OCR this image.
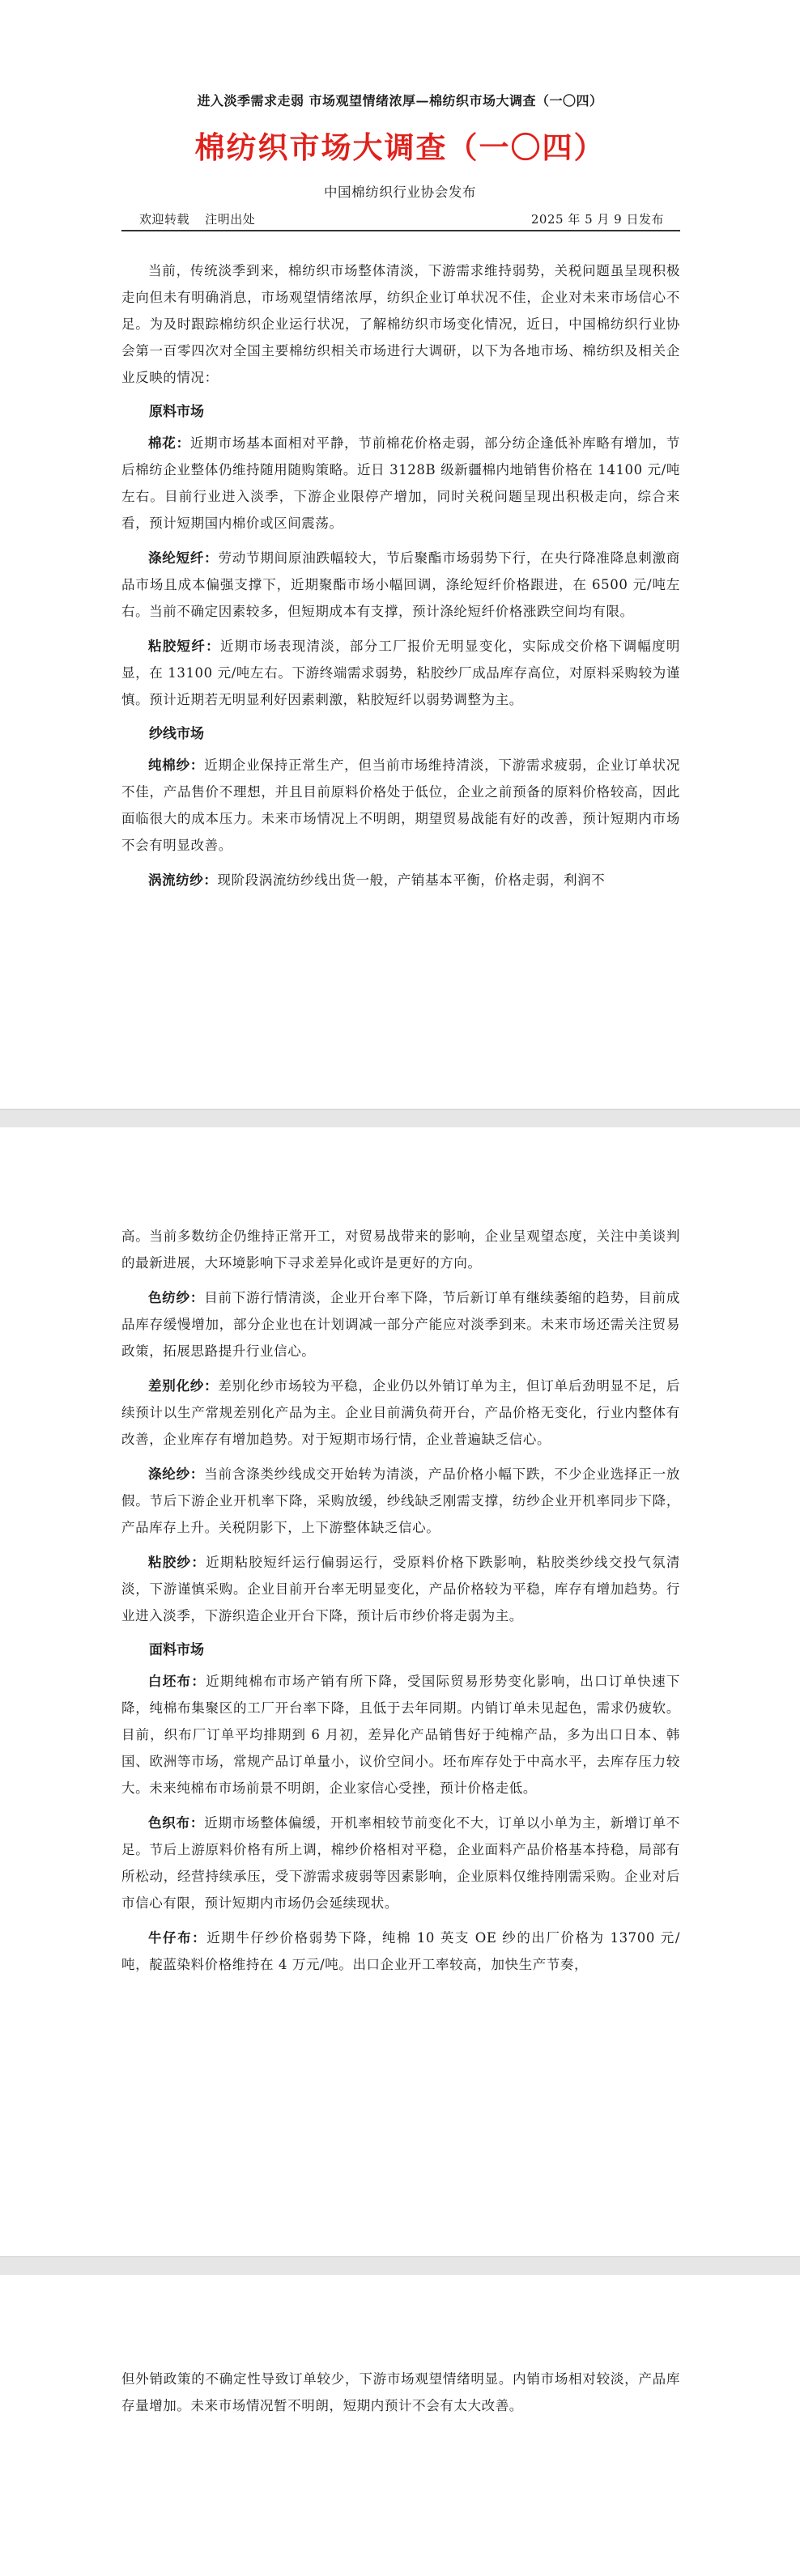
进入淡季需求走弱 市场观望情绪浓厚—棉纺织市场大调查（一〇四）
棉纺织市场大调查（一〇四）
中国棉纺织行业协会发布
欢迎转载 注明出处	2025 年 5 月 9 日发布

当前，传统淡季到来，棉纺织市场整体清淡，下游需求维持弱势，关税问题虽呈现积极走向但未有明确消息，市场观望情绪浓厚，纺织企业订单状况不佳，企业对未来市场信心不足。为及时跟踪棉纺织企业运行状况，了解棉纺织市场变化情况，近日，中国棉纺织行业协会第一百零四次对全国主要棉纺织相关市场进行大调研，以下为各地市场、棉纺织及相关企业反映的情况：

原料市场

棉花：近期市场基本面相对平静，节前棉花价格走弱，部分纺企逢低补库略有增加，节后棉纺企业整体仍维持随用随购策略。近日 3128B 级新疆棉内地销售价格在 14100 元/吨左右。目前行业进入淡季，下游企业限停产增加，同时关税问题呈现出积极走向，综合来看，预计短期国内棉价或区间震荡。

涤纶短纤：劳动节期间原油跌幅较大，节后聚酯市场弱势下行，在央行降准降息刺激商品市场且成本偏强支撑下，近期聚酯市场小幅回调，涤纶短纤价格跟进，在 6500 元/吨左右。当前不确定因素较多，但短期成本有支撑，预计涤纶短纤价格涨跌空间均有限。

粘胶短纤：近期市场表现清淡，部分工厂报价无明显变化，实际成交价格下调幅度明显，在 13100 元/吨左右。下游终端需求弱势，粘胶纱厂成品库存高位，对原料采购较为谨慎。预计近期若无明显利好因素刺激，粘胶短纤以弱势调整为主。

纱线市场

纯棉纱：近期企业保持正常生产，但当前市场维持清淡，下游需求疲弱，企业订单状况不佳，产品售价不理想，并且目前原料价格处于低位，企业之前预备的原料价格较高，因此面临很大的成本压力。未来市场情况上不明朗，期望贸易战能有好的改善，预计短期内市场不会有明显改善。

涡流纺纱：现阶段涡流纺纱线出货一般，产销基本平衡，价格走弱，利润不

高。当前多数纺企仍维持正常开工，对贸易战带来的影响，企业呈观望态度，关注中美谈判的最新进展，大环境影响下寻求差异化或许是更好的方向。

色纺纱：目前下游行情清淡，企业开台率下降，节后新订单有继续萎缩的趋势，目前成品库存缓慢增加，部分企业也在计划调减一部分产能应对淡季到来。未来市场还需关注贸易政策，拓展思路提升行业信心。

差别化纱：差别化纱市场较为平稳，企业仍以外销订单为主，但订单后劲明显不足，后续预计以生产常规差别化产品为主。企业目前满负荷开台，产品价格无变化，行业内整体有改善，企业库存有增加趋势。对于短期市场行情，企业普遍缺乏信心。

涤纶纱：当前含涤类纱线成交开始转为清淡，产品价格小幅下跌，不少企业选择正一放假。节后下游企业开机率下降，采购放缓，纱线缺乏刚需支撑，纺纱企业开机率同步下降，产品库存上升。关税阴影下，上下游整体缺乏信心。

粘胶纱：近期粘胶短纤运行偏弱运行，受原料价格下跌影响，粘胶类纱线交投气氛清淡，下游谨慎采购。企业目前开台率无明显变化，产品价格较为平稳，库存有增加趋势。行业进入淡季，下游织造企业开台下降，预计后市纱价将走弱为主。

面料市场

白坯布：近期纯棉布市场产销有所下降，受国际贸易形势变化影响，出口订单快速下降，纯棉布集聚区的工厂开台率下降，且低于去年同期。内销订单未见起色，需求仍疲软。目前，织布厂订单平均排期到 6 月初，差异化产品销售好于纯棉产品，多为出口日本、韩国、欧洲等市场，常规产品订单量小，议价空间小。坯布库存处于中高水平，去库存压力较大。未来纯棉布市场前景不明朗，企业家信心受挫，预计价格走低。

色织布：近期市场整体偏缓，开机率相较节前变化不大，订单以小单为主，新增订单不足。节后上游原料价格有所上调，棉纱价格相对平稳，企业面料产品价格基本持稳，局部有所松动，经营持续承压，受下游需求疲弱等因素影响，企业原料仅维持刚需采购。企业对后市信心有限，预计短期内市场仍会延续现状。

牛仔布：近期牛仔纱价格弱势下降，纯棉 10 英支 OE 纱的出厂价格为 13700 元/吨，靛蓝染料价格维持在 4 万元/吨。出口企业开工率较高，加快生产节奏，

但外销政策的不确定性导致订单较少，下游市场观望情绪明显。内销市场相对较淡，产品库存量增加。未来市场情况暂不明朗，短期内预计不会有太大改善。
